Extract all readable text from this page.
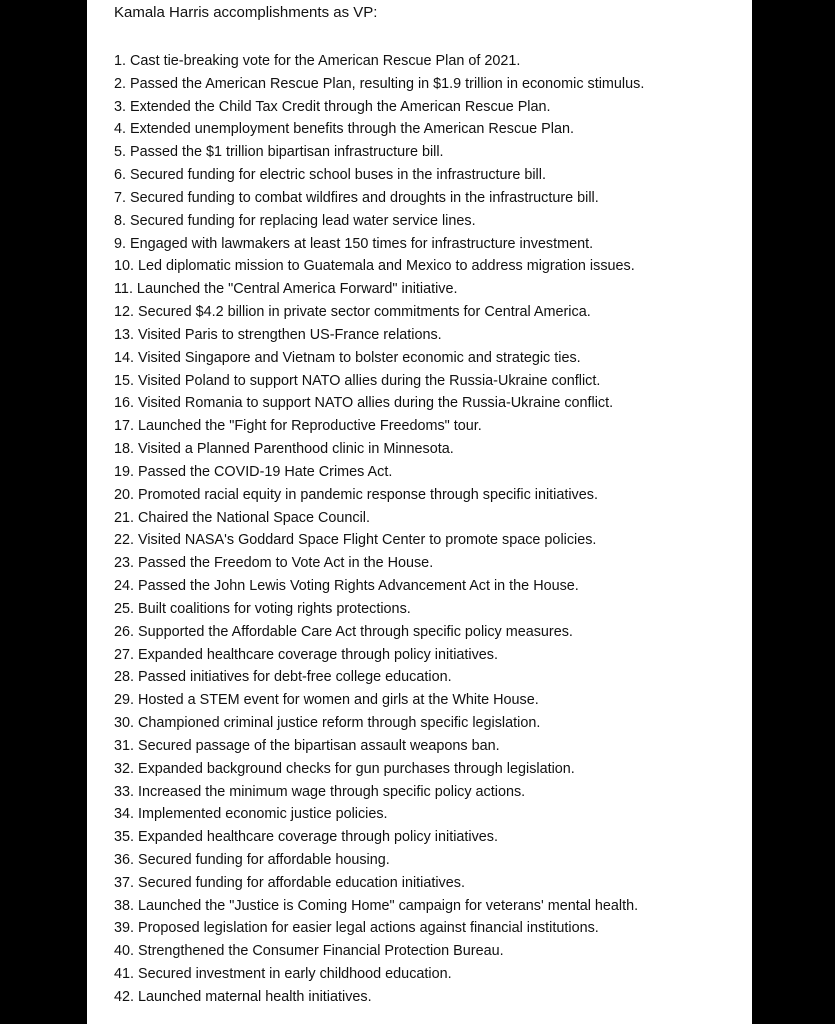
Kamala Harris accomplishments as VP:
1. Cast tie-breaking vote for the American Rescue Plan of 2021.
2. Passed the American Rescue Plan, resulting in $1.9 trillion in economic stimulus.
3. Extended the Child Tax Credit through the American Rescue Plan.
4. Extended unemployment benefits through the American Rescue Plan.
5. Passed the $1 trillion bipartisan infrastructure bill.
6. Secured funding for electric school buses in the infrastructure bill.
7. Secured funding to combat wildfires and droughts in the infrastructure bill.
8. Secured funding for replacing lead water service lines.
9. Engaged with lawmakers at least 150 times for infrastructure investment.
10. Led diplomatic mission to Guatemala and Mexico to address migration issues.
11. Launched the "Central America Forward" initiative.
12. Secured $4.2 billion in private sector commitments for Central America.
13. Visited Paris to strengthen US-France relations.
14. Visited Singapore and Vietnam to bolster economic and strategic ties.
15. Visited Poland to support NATO allies during the Russia-Ukraine conflict.
16. Visited Romania to support NATO allies during the Russia-Ukraine conflict.
17. Launched the "Fight for Reproductive Freedoms" tour.
18. Visited a Planned Parenthood clinic in Minnesota.
19. Passed the COVID-19 Hate Crimes Act.
20. Promoted racial equity in pandemic response through specific initiatives.
21. Chaired the National Space Council.
22. Visited NASA's Goddard Space Flight Center to promote space policies.
23. Passed the Freedom to Vote Act in the House.
24. Passed the John Lewis Voting Rights Advancement Act in the House.
25. Built coalitions for voting rights protections.
26. Supported the Affordable Care Act through specific policy measures.
27. Expanded healthcare coverage through policy initiatives.
28. Passed initiatives for debt-free college education.
29. Hosted a STEM event for women and girls at the White House.
30. Championed criminal justice reform through specific legislation.
31. Secured passage of the bipartisan assault weapons ban.
32. Expanded background checks for gun purchases through legislation.
33. Increased the minimum wage through specific policy actions.
34. Implemented economic justice policies.
35. Expanded healthcare coverage through policy initiatives.
36. Secured funding for affordable housing.
37. Secured funding for affordable education initiatives.
38. Launched the "Justice is Coming Home" campaign for veterans' mental health.
39. Proposed legislation for easier legal actions against financial institutions.
40. Strengthened the Consumer Financial Protection Bureau.
41. Secured investment in early childhood education.
42. Launched maternal health initiatives.
